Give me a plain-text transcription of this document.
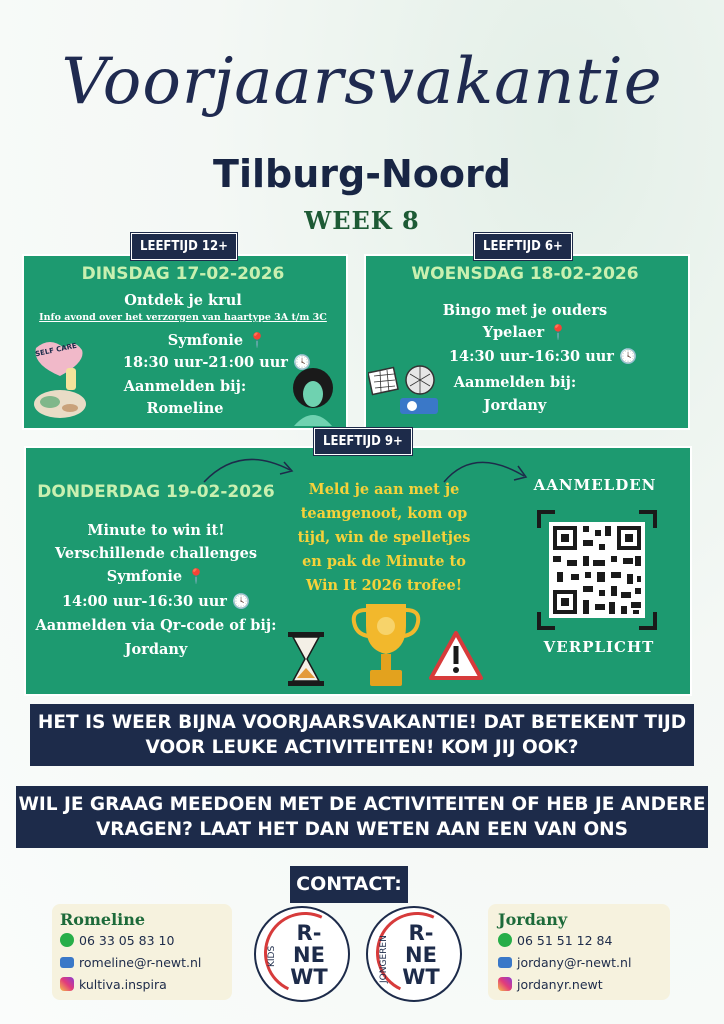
Voorjaarsvakantie
Tilburg-Noord
WEEK 8
LEEFTIJD 12+
DINSDAG 17-02-2026
Ontdek je krul
Info avond over het verzorgen van haartype 3A t/m 3C
Symfonie 📍
18:30 uur-21:00 uur 🕓
Aanmelden bij:
Romeline
SELF CARE
LEEFTIJD 6+
WOENSDAG 18-02-2026
Bingo met je ouders
Ypelaer 📍
14:30 uur-16:30 uur 🕓
Aanmelden bij:
Jordany
LEEFTIJD 9+
DONDERDAG 19-02-2026
Minute to win it!
Verschillende challenges
Symfonie 📍
14:00 uur-16:30 uur 🕓
Aanmelden via Qr-code of bij:
Jordany
Meld je aan met je teamgenoot, kom op tijd, win de spelletjes en pak de Minute to Win It 2026 trofee!
AANMELDEN
VERPLICHT
HET IS WEER BIJNA VOORJAARSVAKANTIE! DAT BETEKENT TIJD VOOR LEUKE ACTIVITEITEN! KOM JIJ OOK?
WIL JE GRAAG MEEDOEN MET DE ACTIVITEITEN OF HEB JE ANDERE VRAGEN? LAAT HET DAN WETEN AAN EEN VAN ONS
CONTACT:
Romeline
06 33 05 83 10
romeline@r-newt.nl
kultiva.inspira
Jordany
06 51 51 12 84
jordany@r-newt.nl
jordanyr.newt
KIDS
R-
NE
WT	JONGEREN
R-
NE
WT
